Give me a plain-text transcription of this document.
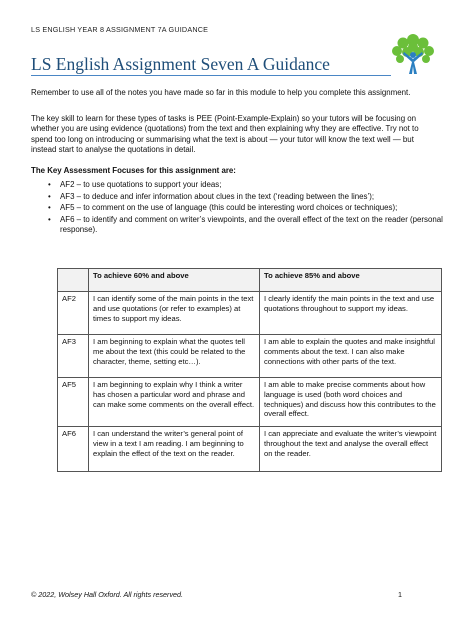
LS ENGLISH YEAR 8 ASSIGNMENT 7A GUIDANCE
LS English Assignment Seven A Guidance
Remember to use all of the notes you have made so far in this module to help you complete this assignment.
The key skill to learn for these types of tasks is PEE (Point-Example-Explain) so your tutors will be focusing on whether you are using evidence (quotations) from the text and then explaining why they are effective. Try not to spend too long on introducing or summarising what the text is about — your tutor will know the text well — but instead start to analyse the quotations in detail.
The Key Assessment Focuses for this assignment are:
• AF2 – to use quotations to support your ideas;
• AF3 – to deduce and infer information about clues in the text (‘reading between the lines’);
• AF5 – to comment on the use of language (this could be interesting word choices or techniques);
• AF6 – to identify and comment on writer’s viewpoints, and the overall effect of the text on the reader (personal response).
	To achieve 60% and above	To achieve 85% and above
AF2	I can identify some of the main points in the text and use quotations (or refer to examples) at times to support my ideas.	I clearly identify the main points in the text and use quotations throughout to support my ideas.
AF3	I am beginning to explain what the quotes tell me about the text (this could be related to the character, theme, setting etc…).	I am able to explain the quotes and make insightful comments about the text. I can also make connections with other parts of the text.
AF5	I am beginning to explain why I think a writer has chosen a particular word and phrase and can make some comments on the overall effect.	I am able to make precise comments about how language is used (both word choices and techniques) and discuss how this contributes to the overall effect.
AF6	I can understand the writer’s general point of view in a text I am reading. I am beginning to explain the effect of the text on the reader.	I can appreciate and evaluate the writer’s viewpoint throughout the text and analyse the overall effect on the reader.
© 2022, Wolsey Hall Oxford. All rights reserved.	1
